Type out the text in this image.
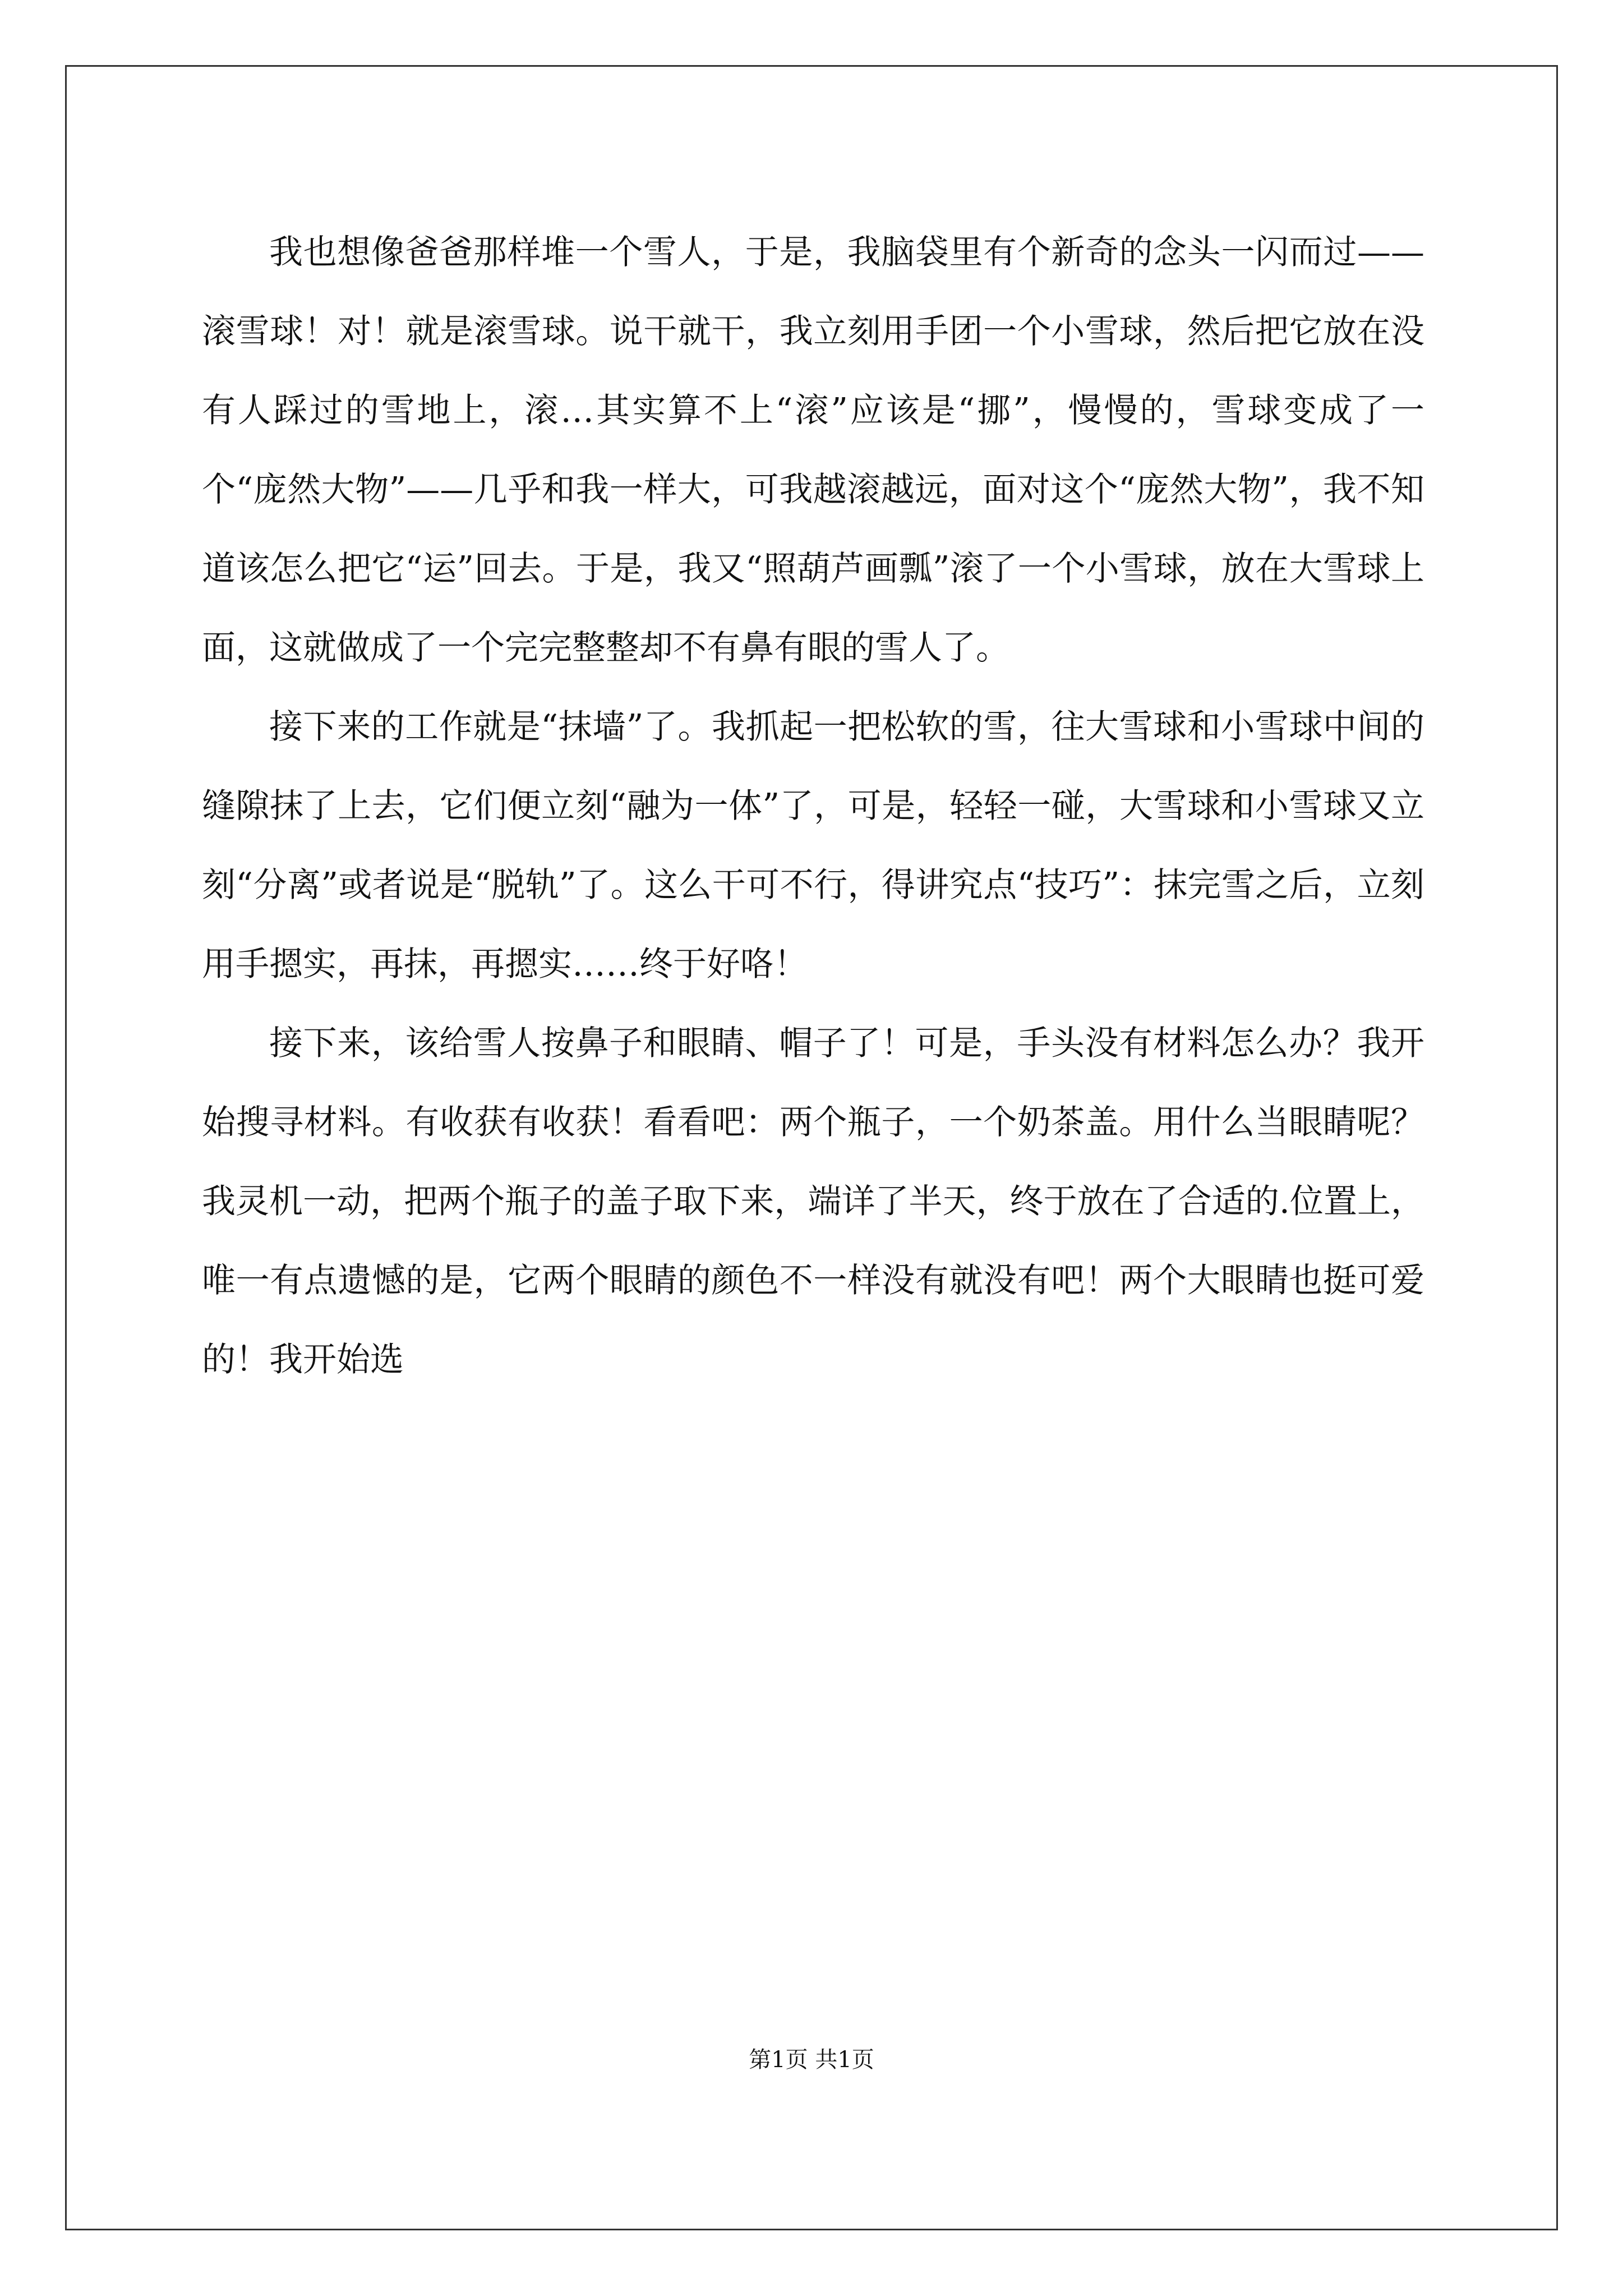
我也想像爸爸那样堆一个雪人，于是，我脑袋里有个新奇的念头一闪而过——滚雪球！对！就是滚雪球。说干就干，我立刻用手团一个小雪球，然后把它放在没有人踩过的雪地上，滚…其实算不上“滚”应该是“挪”，慢慢的，雪球变成了一个“庞然大物”——几乎和我一样大，可我越滚越远，面对这个“庞然大物”，我不知道该怎么把它“运”回去。于是，我又“照葫芦画瓢”滚了一个小雪球，放在大雪球上面，这就做成了一个完完整整却不有鼻有眼的雪人了。

接下来的工作就是“抹墙”了。我抓起一把松软的雪，往大雪球和小雪球中间的缝隙抹了上去，它们便立刻“融为一体”了，可是，轻轻一碰，大雪球和小雪球又立刻“分离”或者说是“脱轨”了。这么干可不行，得讲究点“技巧”：抹完雪之后，立刻用手摁实，再抹，再摁实……终于好咯！

接下来，该给雪人按鼻子和眼睛、帽子了！可是，手头没有材料怎么办？我开始搜寻材料。有收获有收获！看看吧：两个瓶子，一个奶茶盖。用什么当眼睛呢？我灵机一动，把两个瓶子的盖子取下来，端详了半天，终于放在了合适的.位置上，唯一有点遗憾的是，它两个眼睛的颜色不一样没有就没有吧！两个大眼睛也挺可爱的！我开始选

第1页 共1页
